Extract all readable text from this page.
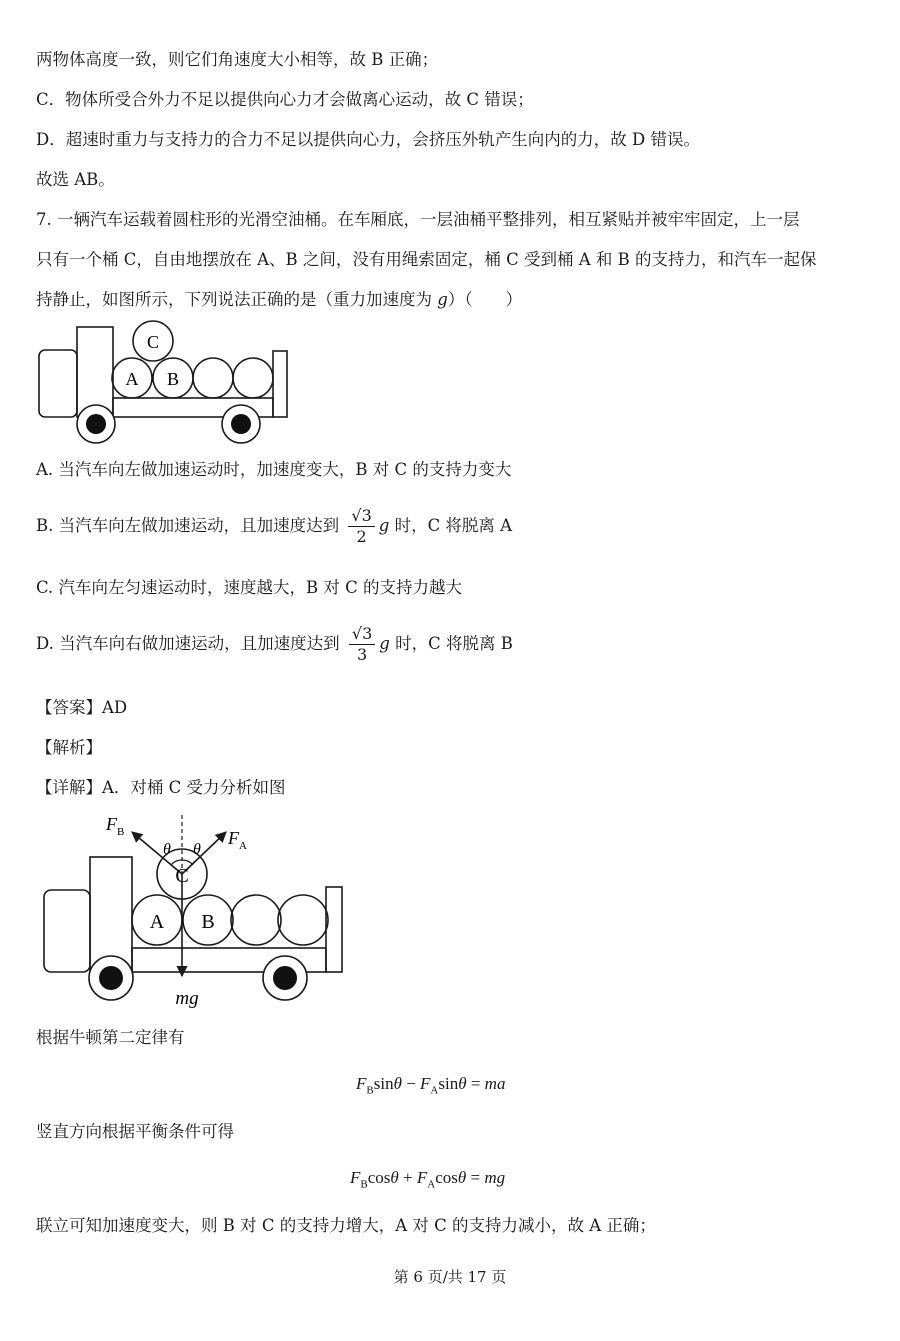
两物体高度一致，则它们角速度大小相等，故 B 正确；
C．物体所受合外力不足以提供向心力才会做离心运动，故 C 错误；
D．超速时重力与支持力的合力不足以提供向心力，会挤压外轨产生向内的力，故 D 错误。
故选 AB。
7. 一辆汽车运载着圆柱形的光滑空油桶。在车厢底，一层油桶平整排列，相互紧贴并被牢牢固定，上一层
只有一个桶 C，自由地摆放在 A、B 之间，没有用绳索固定，桶 C 受到桶 A 和 B 的支持力，和汽车一起保
持静止，如图所示，下列说法正确的是（重力加速度为 g）（　　）
C
A B
A. 当汽车向左做加速运动时，加速度变大，B 对 C 的支持力变大
B. 当汽车向左做加速运动，且加速度达到 $\frac{√3}{2}$ g 时，C 将脱离 A
C. 汽车向左匀速运动时，速度越大，B 对 C 的支持力越大
D. 当汽车向右做加速运动，且加速度达到 $\frac{√3}{3}$ g 时，C 将脱离 B
【答案】AD
【解析】
【详解】A．对桶 C 受力分析如图
$F_B$	$F_A$
θ θ
C
A B
mg
根据牛顿第二定律有
$F_B\sin\theta - F_A\sin\theta$ = ma
竖直方向根据平衡条件可得
$F_B\cos\theta + F_A\cos\theta$ = mg
联立可知加速度变大，则 B 对 C 的支持力增大，A 对 C 的支持力减小，故 A 正确；
第 6 页/共 17 页
